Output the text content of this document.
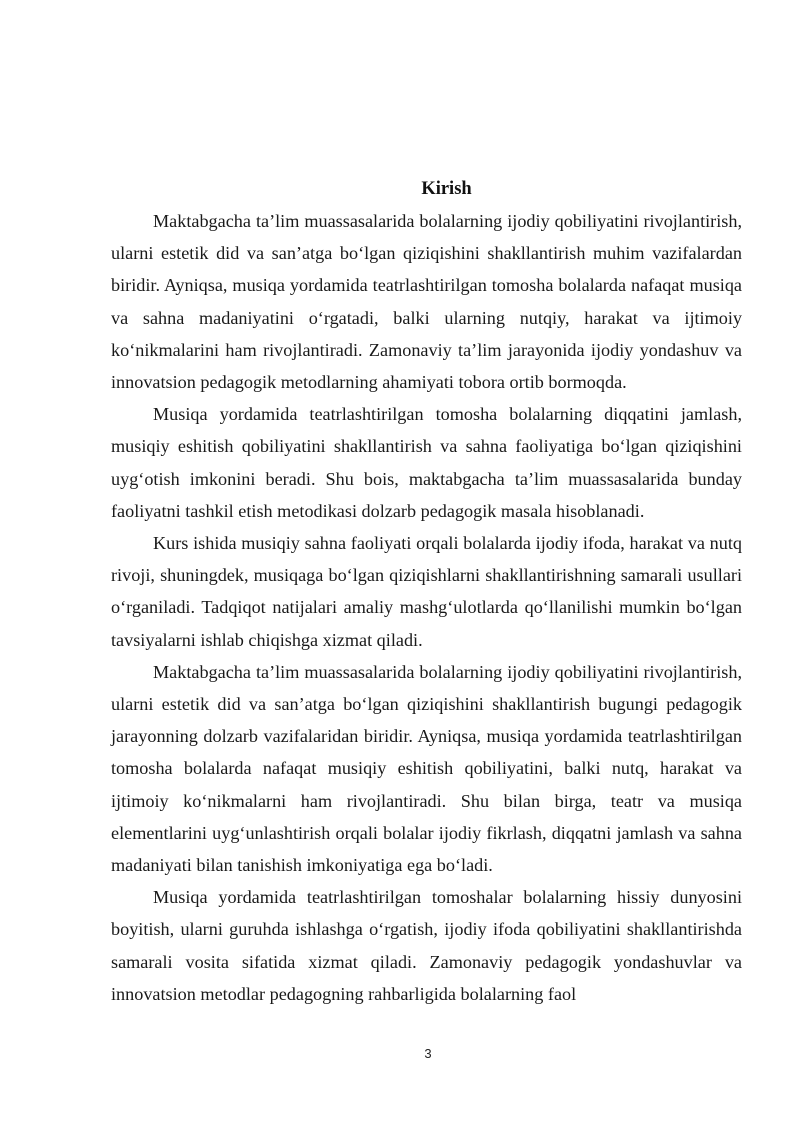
Kirish

Maktabgacha ta’lim muassasalarida bolalarning ijodiy qobiliyatini rivojlantirish, ularni estetik did va san’atga bo‘lgan qiziqishini shakllantirish muhim vazifalardan biridir. Ayniqsa, musiqa yordamida teatrlashtirilgan tomosha bolalarda nafaqat musiqa va sahna madaniyatini o‘rgatadi, balki ularning nutqiy, harakat va ijtimoiy ko‘nikmalarini ham rivojlantiradi. Zamonaviy ta’lim jarayonida ijodiy yondashuv va innovatsion pedagogik metodlarning ahamiyati tobora ortib bormoqda.

Musiqa yordamida teatrlashtirilgan tomosha bolalarning diqqatini jamlash, musiqiy eshitish qobiliyatini shakllantirish va sahna faoliyatiga bo‘lgan qiziqishini uyg‘otish imkonini beradi. Shu bois, maktabgacha ta’lim muassasalarida bunday faoliyatni tashkil etish metodikasi dolzarb pedagogik masala hisoblanadi.

Kurs ishida musiqiy sahna faoliyati orqali bolalarda ijodiy ifoda, harakat va nutq rivoji, shuningdek, musiqaga bo‘lgan qiziqishlarni shakllantirishning samarali usullari o‘rganiladi. Tadqiqot natijalari amaliy mashg‘ulotlarda qo‘llanilishi mumkin bo‘lgan tavsiyalarni ishlab chiqishga xizmat qiladi.

Maktabgacha ta’lim muassasalarida bolalarning ijodiy qobiliyatini rivojlantirish, ularni estetik did va san’atga bo‘lgan qiziqishini shakllantirish bugungi pedagogik jarayonning dolzarb vazifalaridan biridir. Ayniqsa, musiqa yordamida teatrlashtirilgan tomosha bolalarda nafaqat musiqiy eshitish qobiliyatini, balki nutq, harakat va ijtimoiy ko‘nikmalarni ham rivojlantiradi. Shu bilan birga, teatr va musiqa elementlarini uyg‘unlashtirish orqali bolalar ijodiy fikrlash, diqqatni jamlash va sahna madaniyati bilan tanishish imkoniyatiga ega bo‘ladi.

Musiqa yordamida teatrlashtirilgan tomoshalar bolalarning hissiy dunyosini boyitish, ularni guruhda ishlashga o‘rgatish, ijodiy ifoda qobiliyatini shakllantirishda samarali vosita sifatida xizmat qiladi. Zamonaviy pedagogik yondashuvlar va innovatsion metodlar pedagogning rahbarligida bolalarning faol

3
